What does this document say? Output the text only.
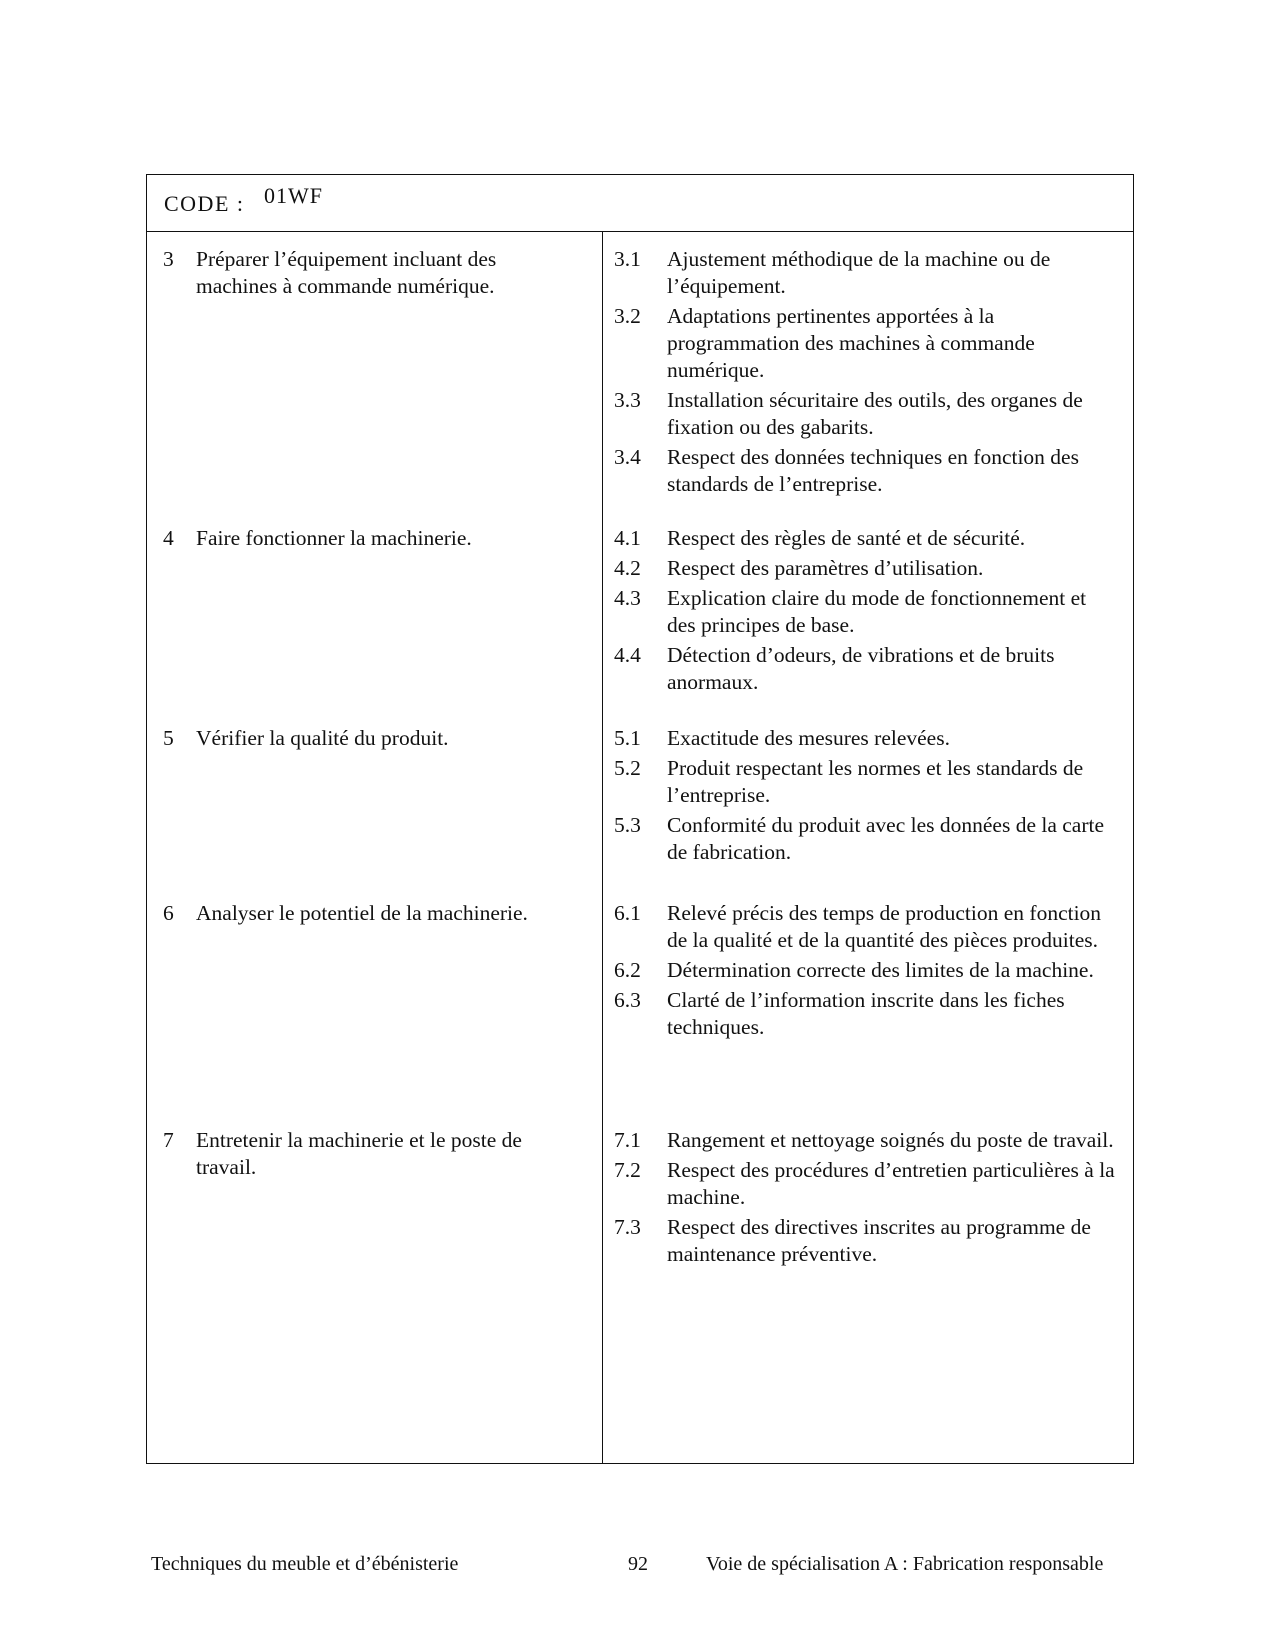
CODE : 01WF
3 Préparer l’équipement incluant des machines à commande numérique.
3.1	Ajustement méthodique de la machine ou de l’équipement.
3.2	Adaptations pertinentes apportées à la programmation des machines à commande numérique.
3.3	Installation sécuritaire des outils, des organes de fixation ou des gabarits.
3.4	Respect des données techniques en fonction des standards de l’entreprise.
4 Faire fonctionner la machinerie.	4.1	Respect des règles de santé et de sécurité.
4.2	Respect des paramètres d’utilisation.
4.3	Explication claire du mode de fonctionnement et des principes de base.
4.4	Détection d’odeurs, de vibrations et de bruits anormaux.
5 Vérifier la qualité du produit.	5.1	Exactitude des mesures relevées.
5.2	Produit respectant les normes et les standards de l’entreprise.
5.3	Conformité du produit avec les données de la carte de fabrication.
6 Analyser le potentiel de la machinerie.	6.1	Relevé précis des temps de production en fonction de la qualité et de la quantité des pièces produites.
6.2	Détermination correcte des limites de la machine.
6.3	Clarté de l’information inscrite dans les fiches techniques.
7 Entretenir la machinerie et le poste de travail.
7.1	Rangement et nettoyage soignés du poste de travail.
7.2	Respect des procédures d’entretien particulières à la machine.
7.3	Respect des directives inscrites au programme de maintenance préventive.
Techniques du meuble et d’ébénisterie	92	Voie de spécialisation A : Fabrication responsable
